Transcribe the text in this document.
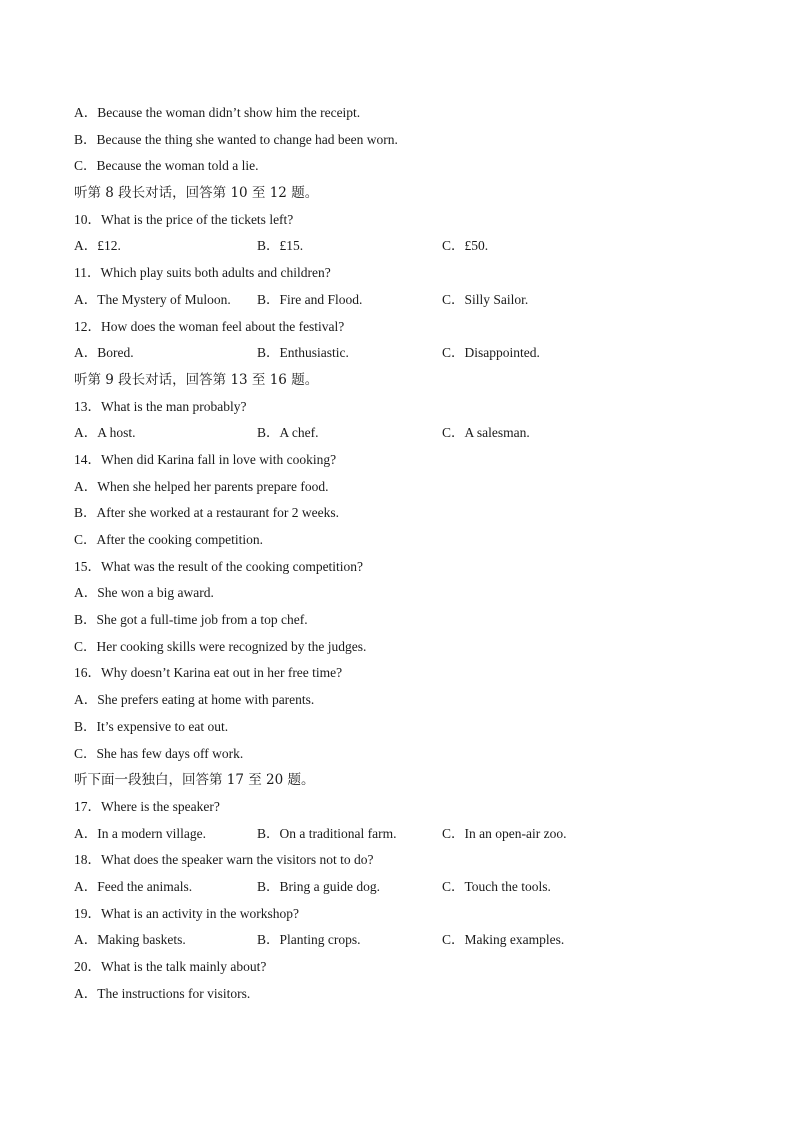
A．Because the woman didn’t show him the receipt.
B．Because the thing she wanted to change had been worn.
C．Because the woman told a lie.
听第 8 段长对话，回答第 10 至 12 题。
10．What is the price of the tickets left?
A．£12.	B．£15.	C．£50.
11．Which play suits both adults and children?
A．The Mystery of Muloon. B．Fire and Flood.	C．Silly Sailor.
12．How does the woman feel about the festival?
A．Bored.	B．Enthusiastic.	C．Disappointed.
听第 9 段长对话，回答第 13 至 16 题。
13．What is the man probably?
A．A host.	B．A chef.	C．A salesman.
14．When did Karina fall in love with cooking?
A．When she helped her parents prepare food.
B．After she worked at a restaurant for 2 weeks.
C．After the cooking competition.
15．What was the result of the cooking competition?
A．She won a big award.
B．She got a full-time job from a top chef.
C．Her cooking skills were recognized by the judges.
16．Why doesn’t Karina eat out in her free time?
A．She prefers eating at home with parents.
B．It’s expensive to eat out.
C．She has few days off work.
听下面一段独白，回答第 17 至 20 题。
17．Where is the speaker?
A．In a modern village.	B．On a traditional farm.	C．In an open-air zoo.
18．What does the speaker warn the visitors not to do?
A．Feed the animals.	B．Bring a guide dog.	C．Touch the tools.
19．What is an activity in the workshop?
A．Making baskets.	B．Planting crops.	C．Making examples.
20．What is the talk mainly about?
A．The instructions for visitors.
